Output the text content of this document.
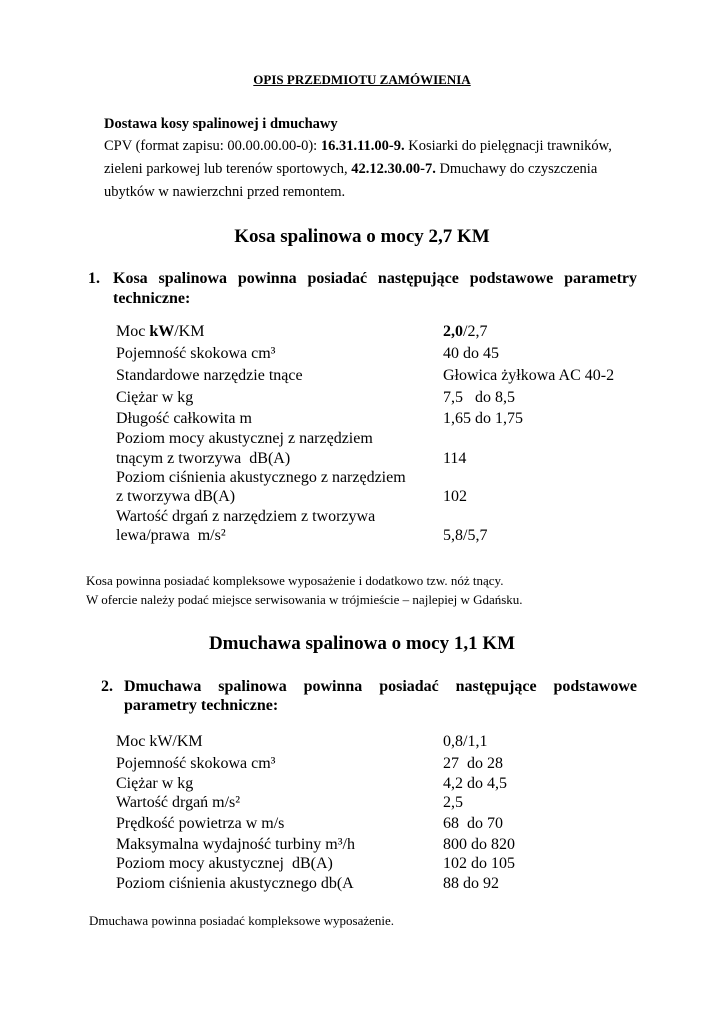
OPIS PRZEDMIOTU ZAMÓWIENIA
Dostawa kosy spalinowej i dmuchawy
CPV (format zapisu: 00.00.00.00-0): 16.31.11.00-9. Kosiarki do pielęgnacji trawników,
zieleni parkowej lub terenów sportowych, 42.12.30.00-7. Dmuchawy do czyszczenia
ubytków w nawierzchni przed remontem.
Kosa spalinowa o mocy 2,7 KM
1. Kosa spalinowa powinna posiadać następujące podstawowe parametry
techniczne:
Moc kW/KM	2,0/2,7
Pojemność skokowa cm³	40 do 45
Standardowe narzędzie tnące	Głowica żyłkowa AC 40-2
Ciężar w kg	7,5   do 8,5
Długość całkowita m	1,65 do 1,75
Poziom mocy akustycznej z narzędziem
tnącym z tworzywa  dB(A)	114
Poziom ciśnienia akustycznego z narzędziem
z tworzywa dB(A)	102
Wartość drgań z narzędziem z tworzywa
lewa/prawa  m/s²	5,8/5,7
Kosa powinna posiadać kompleksowe wyposażenie i dodatkowo tzw. nóż tnący.
W ofercie należy podać miejsce serwisowania w trójmieście – najlepiej w Gdańsku.
Dmuchawa spalinowa o mocy 1,1 KM
2. Dmuchawa spalinowa powinna posiadać następujące podstawowe
parametry techniczne:
Moc kW/KM	0,8/1,1
Pojemność skokowa cm³	27  do 28
Ciężar w kg	4,2 do 4,5
Wartość drgań m/s²	2,5
Prędkość powietrza w m/s	68  do 70
Maksymalna wydajność turbiny m³/h	800 do 820
Poziom mocy akustycznej  dB(A)	102 do 105
Poziom ciśnienia akustycznego db(A	88 do 92
Dmuchawa powinna posiadać kompleksowe wyposażenie.
